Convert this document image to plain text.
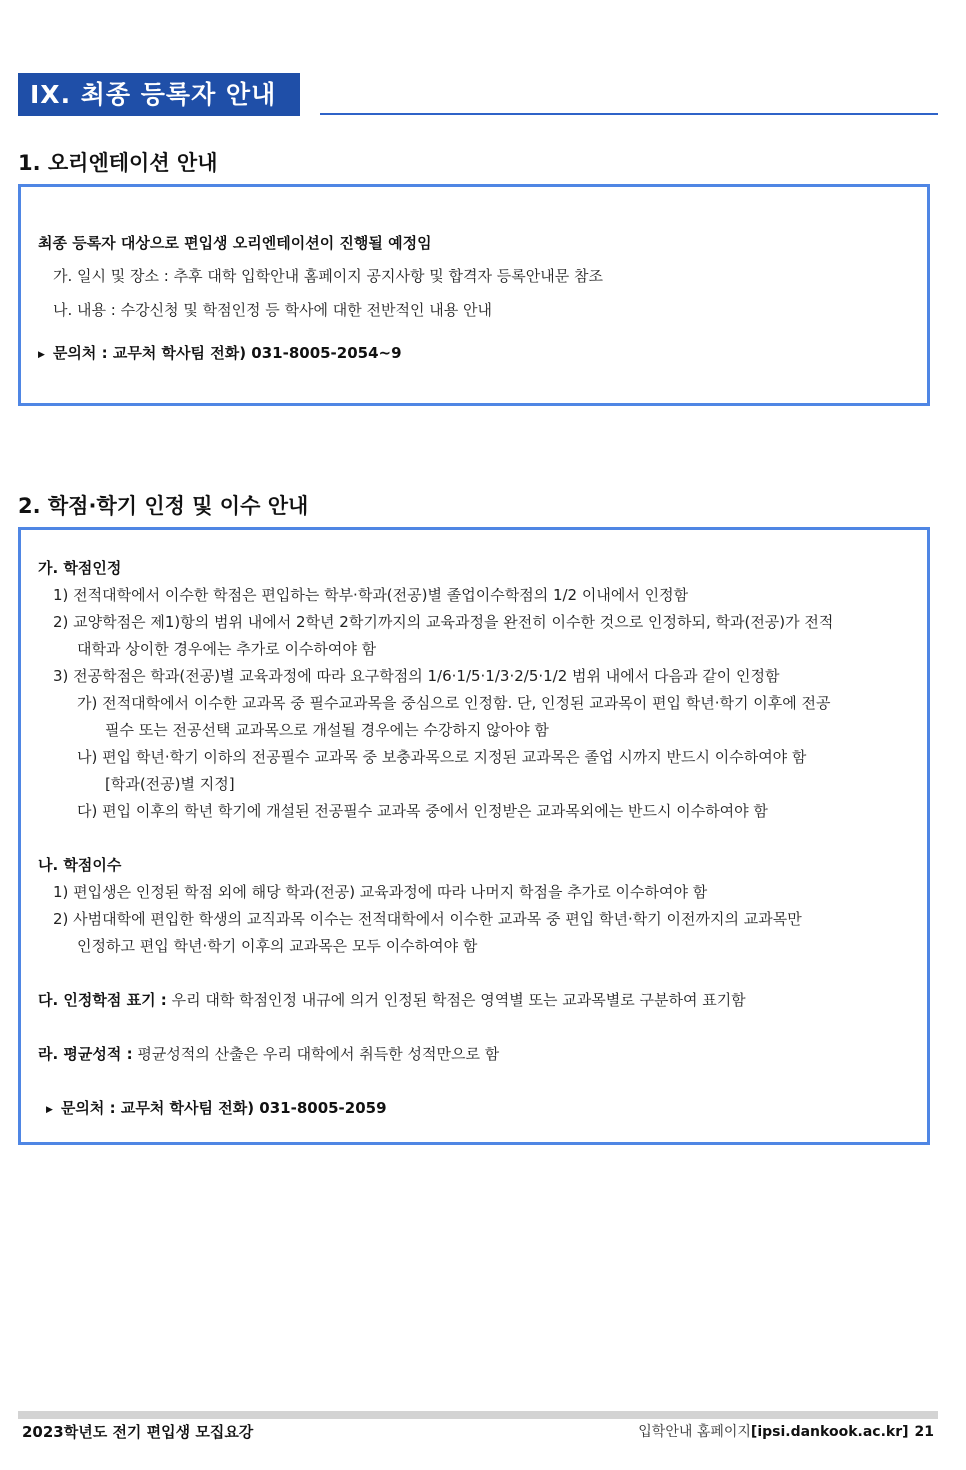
IX. 최종 등록자 안내
1. 오리엔테이션 안내
최종 등록자 대상으로 편입생 오리엔테이션이 진행될 예정임
가. 일시 및 장소 : 추후 대학 입학안내 홈페이지 공지사항 및 합격자 등록안내문 참조
나. 내용 : 수강신청 및 학점인정 등 학사에 대한 전반적인 내용 안내
▶ 문의처 : 교무처 학사팀 전화) 031-8005-2054~9
2. 학점·학기 인정 및 이수 안내
가. 학점인정
1) 전적대학에서 이수한 학점은 편입하는 학부·학과(전공)별 졸업이수학점의 1/2 이내에서 인정함
2) 교양학점은 제1)항의 범위 내에서 2학년 2학기까지의 교육과정을 완전히 이수한 것으로 인정하되, 학과(전공)가 전적
대학과 상이한 경우에는 추가로 이수하여야 함
3) 전공학점은 학과(전공)별 교육과정에 따라 요구학점의 1/6·1/5·1/3·2/5·1/2 범위 내에서 다음과 같이 인정함
가) 전적대학에서 이수한 교과목 중 필수교과목을 중심으로 인정함. 단, 인정된 교과목이 편입 학년·학기 이후에 전공
필수 또는 전공선택 교과목으로 개설될 경우에는 수강하지 않아야 함
나) 편입 학년·학기 이하의 전공필수 교과목 중 보충과목으로 지정된 교과목은 졸업 시까지 반드시 이수하여야 함
[학과(전공)별 지정]
다) 편입 이후의 학년 학기에 개설된 전공필수 교과목 중에서 인정받은 교과목외에는 반드시 이수하여야 함
나. 학점이수
1) 편입생은 인정된 학점 외에 해당 학과(전공) 교육과정에 따라 나머지 학점을 추가로 이수하여야 함
2) 사범대학에 편입한 학생의 교직과목 이수는 전적대학에서 이수한 교과목 중 편입 학년·학기 이전까지의 교과목만
인정하고 편입 학년·학기 이후의 교과목은 모두 이수하여야 함
다. 인정학점 표기 : 우리 대학 학점인정 내규에 의거 인정된 학점은 영역별 또는 교과목별로 구분하여 표기함
라. 평균성적 : 평균성적의 산출은 우리 대학에서 취득한 성적만으로 함
▶ 문의처 : 교무처 학사팀 전화) 031-8005-2059
2023학년도 전기 편입생 모집요강	입학안내 홈페이지[ipsi.dankook.ac.kr] 21
